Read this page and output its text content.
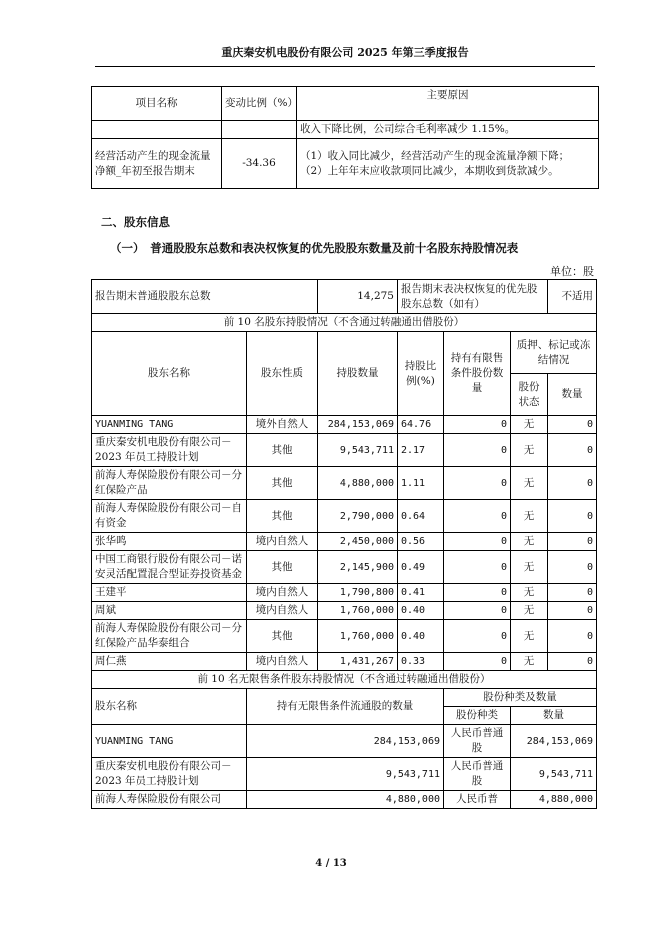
重庆秦安机电股份有限公司 2025 年第三季度报告
项目名称	变动比例（%）	主要原因
		收入下降比例，公司综合毛利率减少 1.15%。
经营活动产生的现金流量净额_年初至报告期末	-34.36	（1）收入同比减少，经营活动产生的现金流量净额下降；
（2）上年年末应收款项同比减少，本期收到货款减少。
二、股东信息
（一）　普通股股东总数和表决权恢复的优先股股东数量及前十名股东持股情况表
单位：股
报告期末普通股股东总数		14,275	报告期末表决权恢复的优先股股东总数（如有）			不适用
前 10 名股东持股情况（不含通过转融通出借股份）						
股东名称	股东性质	持股数量	持股比例(%)	持有有限售条件股份数量	质押、标记或冻结情况	
					股份状态	数量
YUANMING TANG	境外自然人	284,153,069	64.76	0	无	0
重庆秦安机电股份有限公司－2023 年员工持股计划	其他	9,543,711	2.17	0	无	0
前海人寿保险股份有限公司－分红保险产品	其他	4,880,000	1.11	0	无	0
前海人寿保险股份有限公司－自有资金	其他	2,790,000	0.64	0	无	0
张华鸣	境内自然人	2,450,000	0.56	0	无	0
中国工商银行股份有限公司－诺安灵活配置混合型证券投资基金	其他	2,145,900	0.49	0	无	0
王建平	境内自然人	1,790,800	0.41	0	无	0
周斌	境内自然人	1,760,000	0.40	0	无	0
前海人寿保险股份有限公司－分红保险产品华泰组合	其他	1,760,000	0.40	0	无	0
周仁燕	境内自然人	1,431,267	0.33	0	无	0
前 10 名无限售条件股东持股情况（不含通过转融通出借股份）						
股东名称	持有无限售条件流通股的数量			股份种类及数量		
				股份种类	数量	
YUANMING TANG	284,153,069			人民币普通股	284,153,069	
重庆秦安机电股份有限公司－2023 年员工持股计划	9,543,711			人民币普通股	9,543,711	
前海人寿保险股份有限公司	4,880,000			人民币普	4,880,000	
4 / 13
